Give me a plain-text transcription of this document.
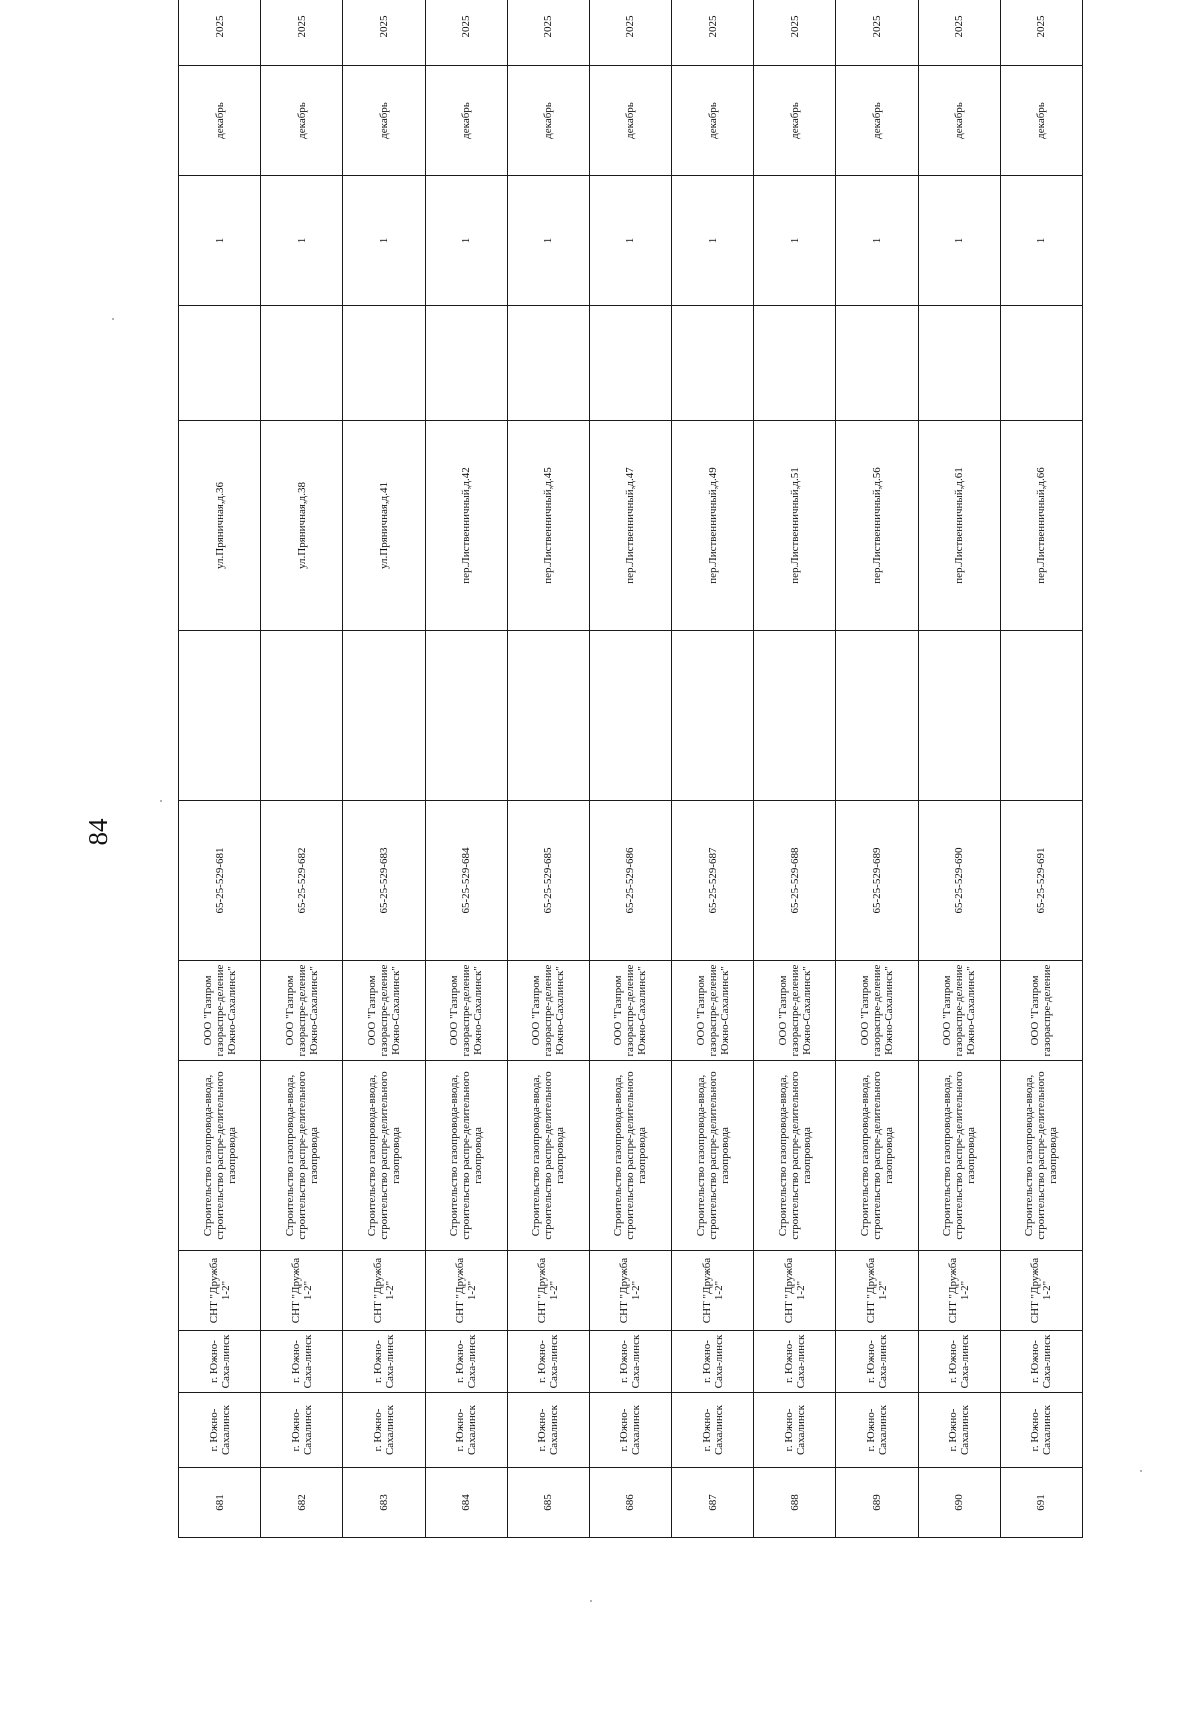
84
681	г. Южно-Сахалинск	г. Южно-Саха-линск	СНТ "Дружба 1-2"	Строительство газопровода-ввода, строительство распре-делительного газопровода	ООО "Газпром газораспре-деление Южно-Сахалинск"	65-25-529-681		ул.Пряничная,д.36		1	декабрь	2025
682	г. Южно-Сахалинск	г. Южно-Саха-линск	СНТ "Дружба 1-2"	Строительство газопровода-ввода, строительство распре-делительного газопровода	ООО "Газпром газораспре-деление Южно-Сахалинск"	65-25-529-682		ул.Пряничная,д.38		1	декабрь	2025
683	г. Южно-Сахалинск	г. Южно-Саха-линск	СНТ "Дружба 1-2"	Строительство газопровода-ввода, строительство распре-делительного газопровода	ООО "Газпром газораспре-деление Южно-Сахалинск"	65-25-529-683		ул.Пряничная,д.41		1	декабрь	2025
684	г. Южно-Сахалинск	г. Южно-Саха-линск	СНТ "Дружба 1-2"	Строительство газопровода-ввода, строительство распре-делительного газопровода	ООО "Газпром газораспре-деление Южно-Сахалинск"	65-25-529-684		пер.Лиственничный,д.42		1	декабрь	2025
685	г. Южно-Сахалинск	г. Южно-Саха-линск	СНТ "Дружба 1-2"	Строительство газопровода-ввода, строительство распре-делительного газопровода	ООО "Газпром газораспре-деление Южно-Сахалинск"	65-25-529-685		пер.Лиственничный,д.45		1	декабрь	2025
686	г. Южно-Сахалинск	г. Южно-Саха-линск	СНТ "Дружба 1-2"	Строительство газопровода-ввода, строительство распре-делительного газопровода	ООО "Газпром газораспре-деление Южно-Сахалинск"	65-25-529-686		пер.Лиственничный,д.47		1	декабрь	2025
687	г. Южно-Сахалинск	г. Южно-Саха-линск	СНТ "Дружба 1-2"	Строительство газопровода-ввода, строительство распре-делительного газопровода	ООО "Газпром газораспре-деление Южно-Сахалинск"	65-25-529-687		пер.Лиственничный,д.49		1	декабрь	2025
688	г. Южно-Сахалинск	г. Южно-Саха-линск	СНТ "Дружба 1-2"	Строительство газопровода-ввода, строительство распре-делительного газопровода	ООО "Газпром газораспре-деление Южно-Сахалинск"	65-25-529-688		пер.Лиственничный,д.51		1	декабрь	2025
689	г. Южно-Сахалинск	г. Южно-Саха-линск	СНТ "Дружба 1-2"	Строительство газопровода-ввода, строительство распре-делительного газопровода	ООО "Газпром газораспре-деление Южно-Сахалинск"	65-25-529-689		пер.Лиственничный,д.56		1	декабрь	2025
690	г. Южно-Сахалинск	г. Южно-Саха-линск	СНТ "Дружба 1-2"	Строительство газопровода-ввода, строительство распре-делительного газопровода	ООО "Газпром газораспре-деление Южно-Сахалинск"	65-25-529-690		пер.Лиственничный,д.61		1	декабрь	2025
691	г. Южно-Сахалинск	г. Южно-Саха-линск	СНТ "Дружба 1-2"	Строительство газопровода-ввода, строительство распре-делительного газопровода	ООО "Газпром газораспре-деление	65-25-529-691		пер.Лиственничный,д.66		1	декабрь	2025
